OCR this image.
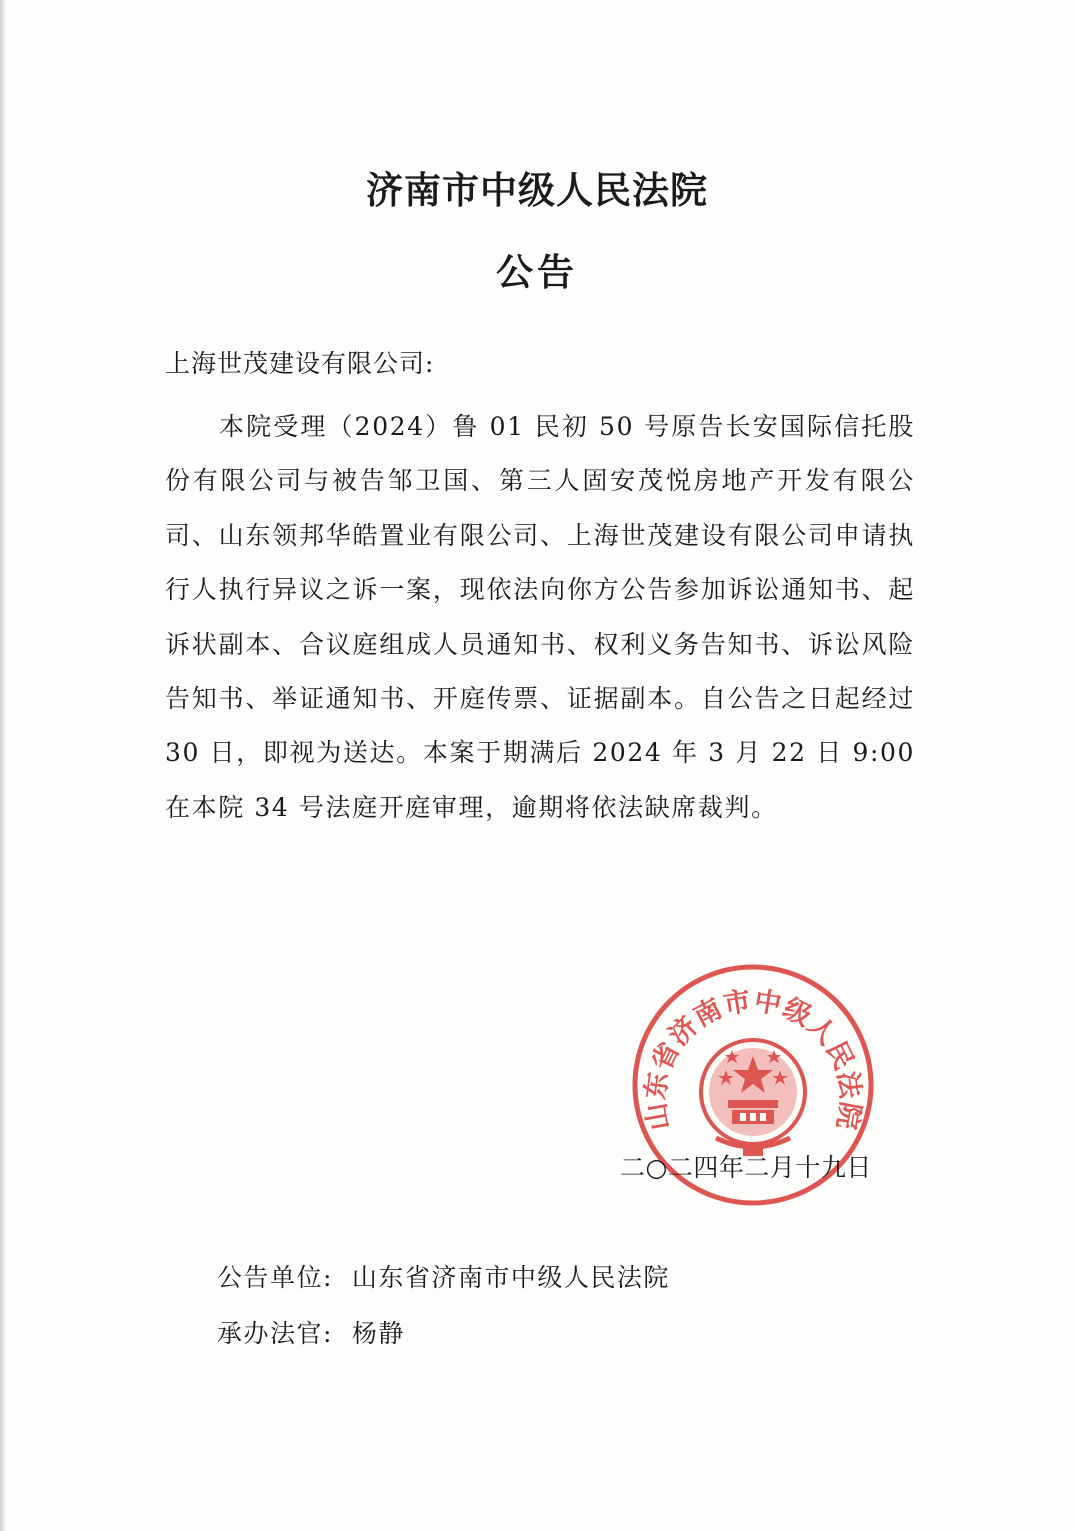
济南市中级人民法院
公告
上海世茂建设有限公司:

本院受理（2024）鲁 01 民初 50 号原告长安国际信托股份有限公司与被告邹卫国、第三人固安茂悦房地产开发有限公司、山东领邦华皓置业有限公司、上海世茂建设有限公司申请执行人执行异议之诉一案，现依法向你方公告参加诉讼通知书、起诉状副本、合议庭组成人员通知书、权利义务告知书、诉讼风险告知书、举证通知书、开庭传票、证据副本。自公告之日起经过 30 日，即视为送达。本案于期满后 2024 年 3 月 22 日 9:00 在本院 34 号法庭开庭审理，逾期将依法缺席裁判。

山东省济南市中级人民法院
二○二四年二月十九日
公告单位: 山东省济南市中级人民法院
承办法官: 杨静
